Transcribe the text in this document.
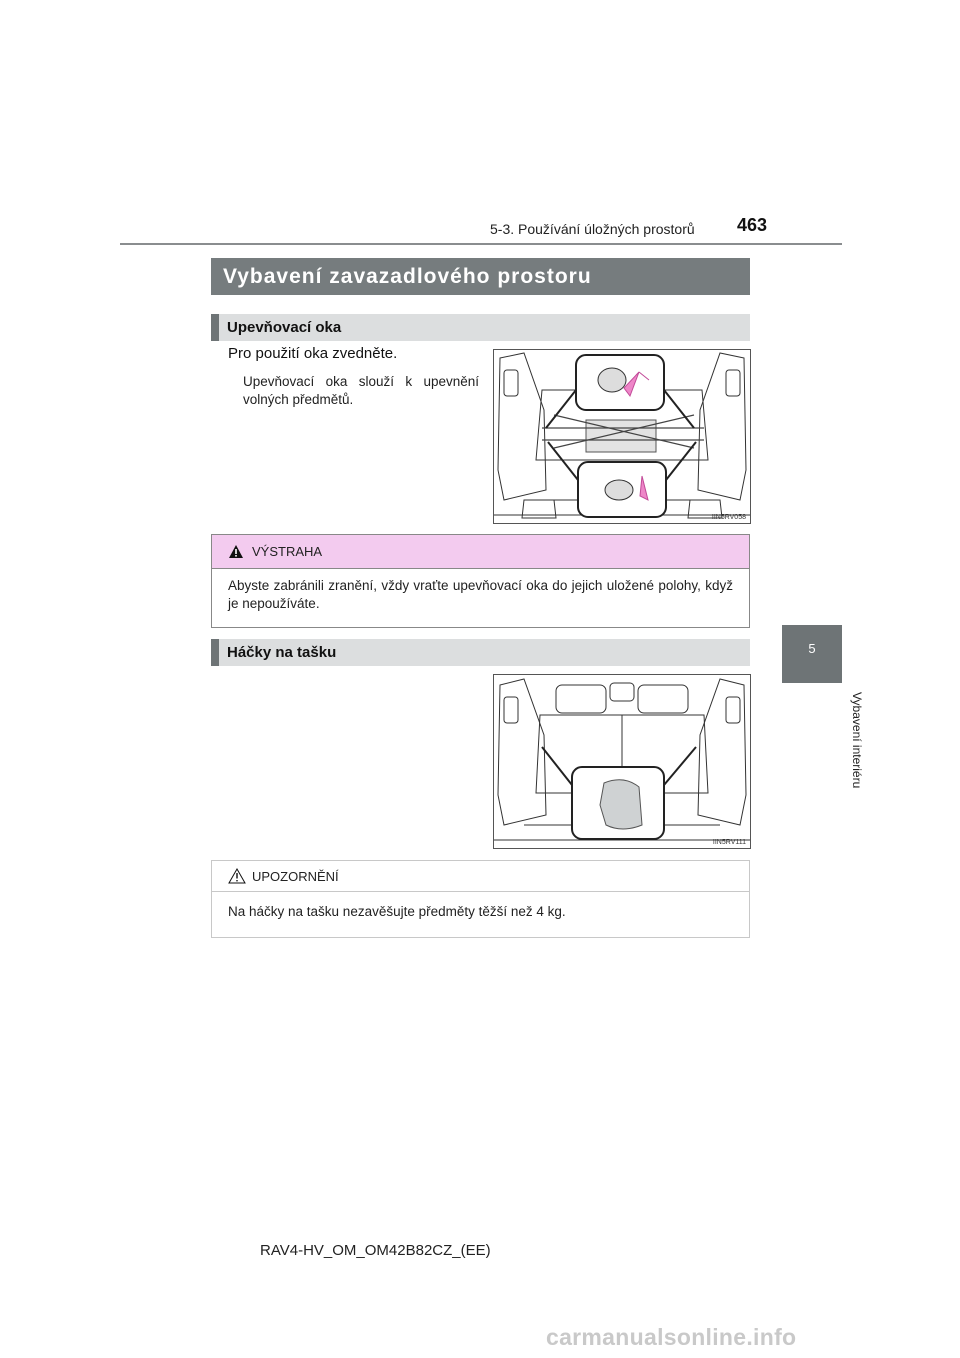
5-3. Používání úložných prostorů 463
5
Vybavení interiéru
Vybavení zavazadlového prostoru
Upevňovací oka
Pro použití oka zvedněte.
Upevňovací oka slouží k upevnění volných předmětů.
IIN5RV058
VÝSTRAHA
Abyste zabránili zranění, vždy vraťte upevňovací oka do jejich uložené polohy, když je nepoužíváte.
Háčky na tašku
IIN5RV111
UPOZORNĚNÍ
Na háčky na tašku nezavěšujte předměty těžší než 4 kg.
RAV4-HV_OM_OM42B82CZ_(EE)
carmanualsonline.info
